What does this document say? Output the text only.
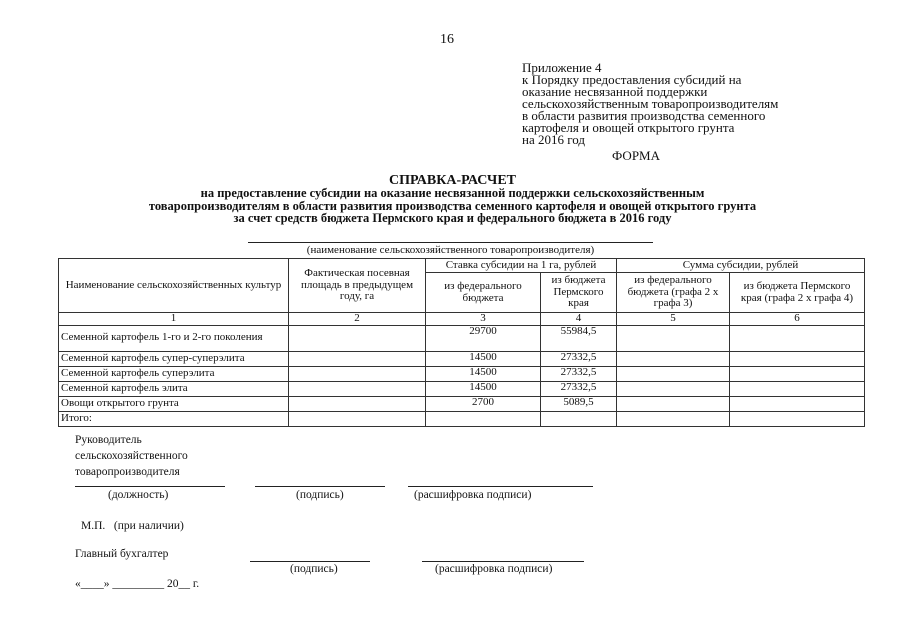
16
Приложение 4
к Порядку предоставления субсидий на
оказание несвязанной поддержки
сельскохозяйственным товаропроизводителям
в области развития производства семенного
картофеля и овощей открытого грунта
на 2016 год
ФОРМА
СПРАВКА-РАСЧЕТ
на предоставление субсидии на оказание несвязанной поддержки сельскохозяйственным
товаропроизводителям в области развития производства семенного картофеля и овощей открытого грунта
за счет средств бюджета Пермского края и федерального бюджета в 2016 году
(наименование сельскохозяйственного товаропроизводителя)
Наименование сельскохозяйственных культур	Фактическая посевная площадь в предыдущем году, га	Ставка субсидии на 1 га, рублей		Сумма субсидии, рублей	
		из федерального бюджета	из бюджета Пермского края	из федерального бюджета (графа 2 х графа 3)	из бюджета Пермского края (графа 2 х графа 4)
1	2	3	4	5	6
Семенной картофель 1-го и 2-го поколения		29700	55984,5		
Семенной картофель супер-суперэлита		14500	27332,5		
Семенной картофель суперэлита		14500	27332,5		
Семенной картофель элита		14500	27332,5		
Овощи открытого грунта		2700	5089,5		
Итого:					
Руководитель
сельскохозяйственного
товаропроизводителя
(должность)	(подпись)	(расшифровка подписи)
М.П.   (при наличии)
Главный бухгалтер
(подпись)	(расшифровка подписи)
«____» _________ 20__ г.
